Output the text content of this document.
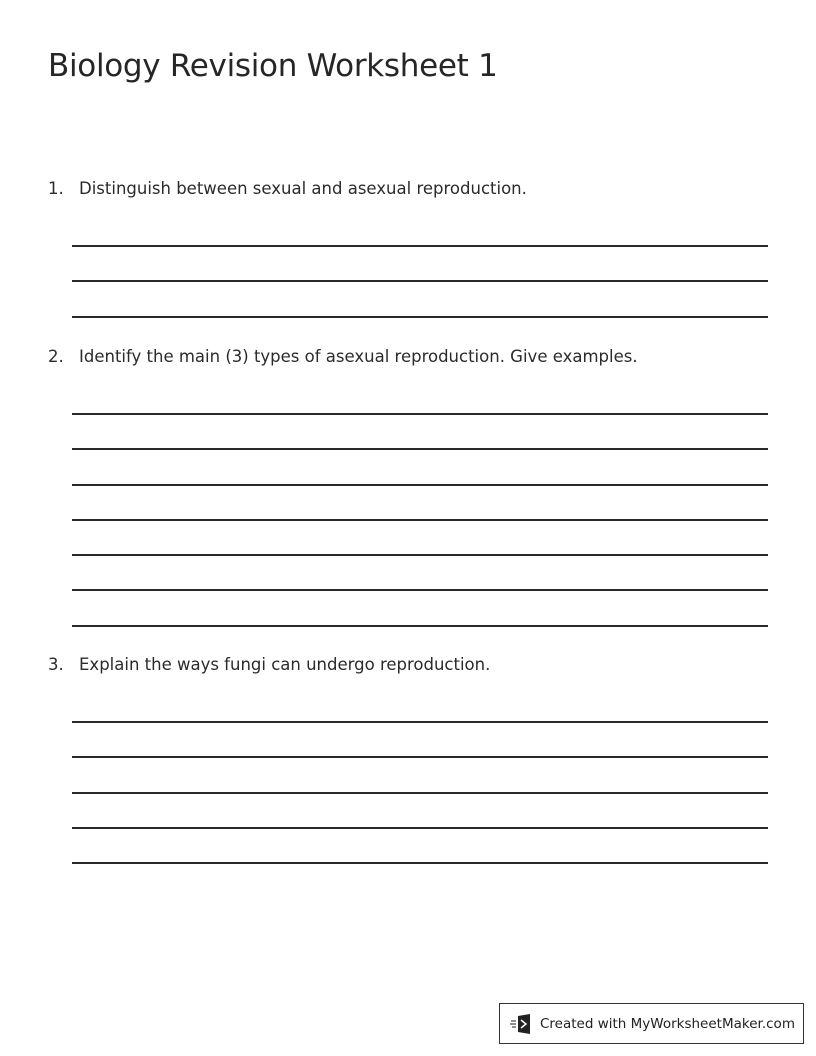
Biology Revision Worksheet 1
1. Distinguish between sexual and asexual reproduction.
2. Identify the main (3) types of asexual reproduction. Give examples.
3. Explain the ways fungi can undergo reproduction.
Created with MyWorksheetMaker.com
